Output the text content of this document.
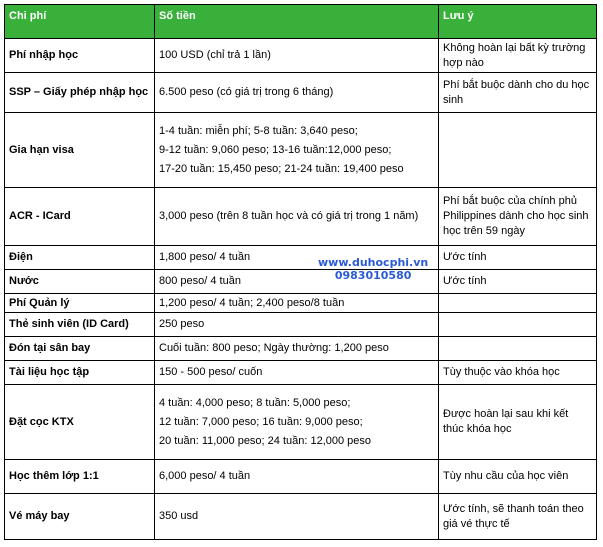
Chi phí	Số tiền	Lưu ý
Phí nhập học	100 USD (chỉ trả 1 lần)	Không hoàn lại bất kỳ trường hợp nào
SSP – Giấy phép nhập học	6.500 peso (có giá trị trong 6 tháng)	Phí bắt buộc dành cho du học sinh
Gia hạn visa	1-4 tuần: miễn phí; 5-8 tuần: 3,640 peso;
9-12 tuần: 9,060 peso; 13-16 tuần:12,000 peso;
17-20 tuần: 15,450 peso; 21-24 tuần: 19,400 peso	

ACR - ICard	3,000 peso (trên 8 tuần học và có giá trị trong 1 năm)	Phí bắt buộc của chính phủ Philippines dành cho học sinh học trên 59 ngày
Điện	1,800 peso/ 4 tuần	Ước tính
Nước	800 peso/ 4 tuần	Ước tính
Phí Quản lý	1,200 peso/ 4 tuần; 2,400 peso/8 tuần	

Thẻ sinh viên (ID Card)	250 peso	

Đón tại sân bay	Cuối tuần: 800 peso; Ngày thường: 1,200 peso	

Tài liệu học tập	150 - 500 peso/ cuốn	Tùy thuộc vào khóa học
Đặt cọc KTX	4 tuần: 4,000 peso; 8 tuần: 5,000 peso;
12 tuần: 7,000 peso; 16 tuần: 9,000 peso;
20 tuần: 11,000 peso; 24 tuần: 12,000 peso	Được hoàn lại sau khi kết thúc khóa học
Học thêm lớp 1:1	6,000 peso/ 4 tuần	Tùy nhu cầu của học viên
Vé máy bay	350 usd	Ước tính, sẽ thanh toán theo giá vé thực tế
www.duhocphi.vn
0983010580
